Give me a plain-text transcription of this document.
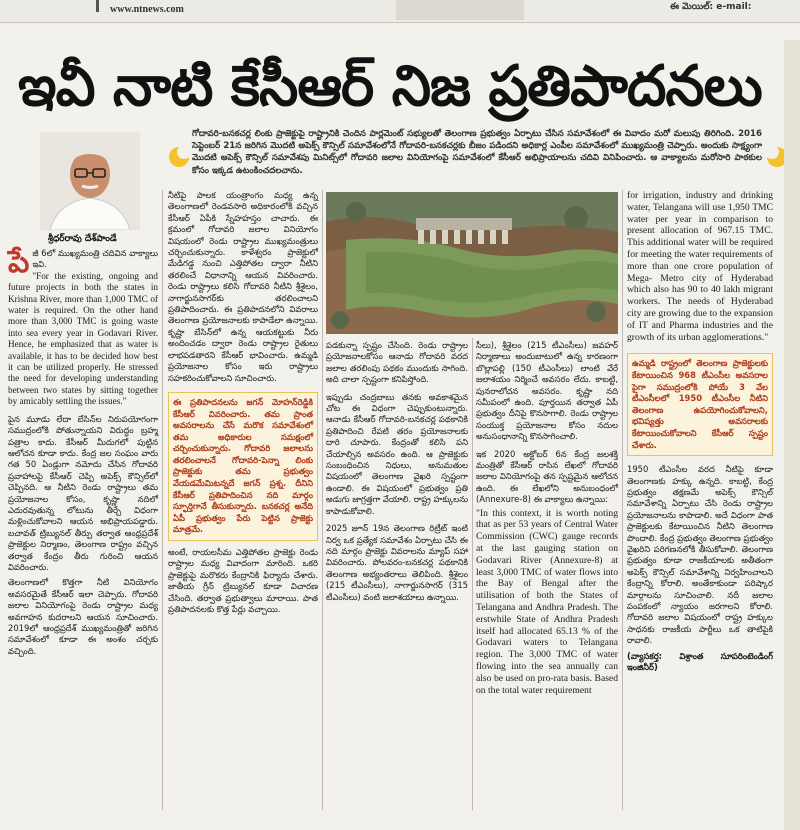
www.ntnews.com	ఈ మెయిల్: e-mail:
ఇవీ నాటి కేసీఆర్ నిజ ప్రతిపాదనలు

గోదావరి-బనకచర్ల లింకు ప్రాజెక్టుపై రాష్ట్రానికి చెందిన పార్లమెంట్ సభ్యులతో తెలంగాణ ప్రభుత్వం ఏర్పాటు చేసిన సమావేశంలో ఈ వివాదం మరో మలుపు తిరిగింది. 2016 సెప్టెంబర్ 21న జరిగిన మొదటి అపెక్స్ కౌన్సిల్ సమావేశంలోనే గోదావరి-బనకచర్లకు బీజం పడిందని అధికార్ల ఎంపీల సమావేశంలో ముఖ్యమంత్రి చెప్పారు. అందుకు సాక్ష్యంగా మొదటి అపెక్స్ కౌన్సిల్ సమావేశపు మినిట్స్‌లో గోదావరి జలాల వినియోగంపై సమావేశంలో కేసీఆర్ అభిప్రాయాలను చదివి వినిపించారు. ఆ వాక్యాలను మరోసారి పాఠకుల కోసం ఇక్కడ ఉటంకించదలచాను.

శ్రీధర్‌రావు దేశ్‌పాండే

పేజీ 6లో ముఖ్యమంత్రి చదివిన వాక్యాలు ఇవి.

"For the existing, ongoing and future projects in both the states in Krishna River, more than 1,000 TMC of water is required. On the other hand more than 3,000 TMC is going waste into sea every year in Godavari River. Hence, he emphasized that as water is available, it has to be decided how best it can be utilized properly. He stressed the need for developing understanding between two states by sitting together by amicably settling the issues."

పైన మూడు లేదా బేసిన్‌ల నిరుపయోగంగా సముద్రంలోకి పోతున్నాయని విరుద్ధం బ్రహ్మ పత్రాల కాదు. కేసీఆర్ మీదుగలో పుట్టిన ఆలోచన కూడా కాదు. కేంద్ర జల సంఘం వారు గత 50 ఏండ్లుగా నమోదు చేసిన గోదావరి ప్రవాహాలపై కేసీఆర్ చెప్పి అపెక్స్ కౌన్సిల్‌లో చెప్పినది. ఆ నీటిని రెండు రాష్ట్రాలు తమ ప్రయోజనాల కోసం, కృష్ణా నదిలో ఎదురవుతున్న లోటును తీర్చే విధంగా మళ్లించుకోవాలని ఆయన అభిప్రాయపడ్డారు. బచావత్ ట్రిబ్యునల్ తీర్పు తర్వాత ఆంధ్రప్రదేశ్ ప్రాజెక్టుల నిర్మాణం, తెలంగాణ రాష్ట్రం వచ్చిన తర్వాత కేంద్రం తీరు గురించి ఆయన వివరించారు.

తెలంగాణలో కొత్తగా నీటి వినియోగం అవసరమైతే కేసీఆర్ ఇలా చెప్పారు. గోదావరి జలాల వినియోగంపై రెండు రాష్ట్రాల మధ్య అవగాహన కుదరాలని ఆయన సూచించారు. 2019లో ఆంధ్రప్రదేశ్ ముఖ్యమంత్రితో జరిగిన సమావేశంలో కూడా ఈ అంశం చర్చకు వచ్చింది.

నీటిపై పాలక యంత్రాంగం మధ్య ఉన్న తెలంగాణలో రెండవసారి అధికారంలోకి వచ్చిన కేసీఆర్ ఏపీకి స్నేహహస్తం చాచారు. ఈ క్రమంలో గోదావరి జలాల వినియోగం విషయంలో రెండు రాష్ట్రాల ముఖ్యమంత్రులు చర్చించుకున్నారు. కాళేశ్వరం ప్రాజెక్టులో మేడిగడ్డ నుంచి ఎత్తిపోతల ద్వారా నీటిని తరలించే విధానాన్ని ఆయన వివరించారు. రెండు రాష్ట్రాలు కలిసి గోదావరి నీటిని శ్రీశైలం, నాగార్జునసాగర్‌కు తరలించాలని ప్రతిపాదించారు. ఈ ప్రతిపాదనలోని వివరాలు తెలంగాణ ప్రయోజనాలకు కాపాడేలా ఉన్నాయి. కృష్ణా బేసిన్‌లో ఉన్న ఆయకట్టుకు నీరు అందించడం ద్వారా రెండు రాష్ట్రాల రైతులు లాభపడతారని కేసీఆర్ భావించారు. ఉమ్మడి ప్రయోజనాల కోసం ఇరు రాష్ట్రాలు సహకరించుకోవాలని సూచించారు.

ఈ ప్రతిపాదనలను జగన్ మోహన్‌రెడ్డికి కేసీఆర్ వివరించారు. తమ ప్రాంత అవసరాలను చేసే మరొక సమావేశంలో తమ అధికారుల సమక్షంలో చర్చించుకున్నారు. గోదావరి జలాలను తరలించాలనే గోదావరి-పెన్నా లింకు ప్రాజెక్టుకు తమ ప్రభుత్వం వేయడమేమిటన్నదే జగన్ ప్రశ్న. దీనిని కేసీఆర్ ప్రతిపాదించిన నది మార్గం స్ఫూర్తిగానే తీసుకున్నారు. బనకచర్ల అనేది ఏపీ ప్రభుత్వం పేరు పెట్టిన ప్రాజెక్టు మాత్రమే.

అంటే, రాయలసీమ ఎత్తిపోతల ప్రాజెక్టు రెండు రాష్ట్రాల మధ్య వివాదంగా మారింది. ఒకరి ప్రాజెక్టుపై మరొకరు కేంద్రానికి ఫిర్యాదు చేశారు. జాతీయ గ్రీన్ ట్రిబ్యునల్ కూడా విచారణ చేసింది. తర్వాత ప్రభుత్వాలు మారాయి. పాత ప్రతిపాదనలకు కొత్త పేర్లు వచ్చాయి.

పడకున్నా స్పష్టం చేసింది. రెండు రాష్ట్రాల ప్రయోజనాలకోసం ఆనాడు గోదావరి వరద జలాల తరలింపు పథకం ముందుకు సాగింది. అది చాలా స్పష్టంగా కనిపిస్తోంది.

ఇప్పుడు చంద్రబాబు తనకు అవకాశమైన చోట ఈ విధంగా చెప్పుకుంటున్నారు. ఆనాడు కేసీఆర్ గోదావరి-బనకచర్ల పథకానికి ప్రతిపాదించి రేపటి తరం ప్రయోజనాలకు దారి చూపారు. కేంద్రంతో కలిసి పని చేయాల్సిన అవసరం ఉంది. ఆ ప్రాజెక్టుకు సంబంధించిన నిధులు, అనుమతుల విషయంలో తెలంగాణ వైఖరి స్పష్టంగా ఉండాలి. ఈ విషయంలో ప్రభుత్వం ప్రతి అడుగు జాగ్రత్తగా వేయాలి. రాష్ట్ర హక్కులను కాపాడుకోవాలి.

2025 జూన్ 19న తెలంగాణ రిట్రీట్ ఇంటి నిర్వ ఒక ప్రత్యేక సమావేశం ఏర్పాటు చేసి ఈ నది మార్గం ప్రాజెక్టు వివరాలను మ్యాప్ సహా వివరించారు. పోలవరం-బనకచర్ల పథకానికి తెలంగాణ అభ్యంతరాలు తెలిపింది. శ్రీశైలం (215 టీఎంసీలు), నాగార్జునసాగర్ (315 టీఎంసీలు) వంటి జలాశయాలు ఉన్నాయి.

సీలు), శ్రీశైలం (215 టీఎంసీలు) జవహర్ నిర్మాణాలు అందుబాటులో ఉన్న కారణంగా బొల్లాపల్లి (150 టీఎంసీలు) లాంటి వేరే జలాశయం నిర్మించే అవసరం లేదు. కాబట్టి, పునరాలోచన అవసరం. కృష్ణా నది సమీపంలో ఉంది. పూర్తయిన తర్వాత ఏపీ ప్రభుత్వం దీనిపై కొనసాగాలి. రెండు రాష్ట్రాల సంయుక్త ప్రయోజనాల కోసం నదుల అనుసంధానాన్ని కొనసాగించాలి.

ఇక 2020 అక్టోబర్ 6న కేంద్ర జలశక్తి మంత్రితో కేసీఆర్ రాసిన లేఖలో గోదావరి జలాల వినియోగంపై తన స్పష్టమైన ఆలోచన ఉంది. ఈ లేఖలోని అనుబంధంలో (Annexure-8) ఈ వాక్యాలు ఉన్నాయి:

"In this context, it is worth noting that as per 53 years of Central Water Commission (CWC) gauge records at the last gauging station on Godavari River (Annexure-8) at least 3,000 TMC of water flows into the Bay of Bengal after the utilisation of both the States of Telangana and Andhra Pradesh. The erstwhile State of Andhra Pradesh itself had allocated 65.13 % of the Godavari waters to Telangana region. The 3,000 TMC of water flowing into the sea annually can also be used on pro-rata basis. Based on the total water requirement

for irrigation, industry and drinking water, Telangana will use 1,950 TMC water per year in comparison to present allocation of 967.15 TMC. This additional water will be required for meeting the water requirements of more than one crore population of Mega- Metro city of Hyderabad which also has 90 to 40 lakh migrant workers. The needs of Hyderabad city are growing due to the expansion of IT and Pharma industries and the growth of its urban agglomerations."

ఉమ్మడి రాష్ట్రంలో తెలంగాణ ప్రాజెక్టులకు కేటాయించిన 968 టీఎంసీల అవసరాల పైగా సముద్రంలోకి పోయే 3 వేల టీఎంసీలలో 1950 టీఎంసీల నీటిని తెలంగాణ ఉపయోగించుకోవాలని, భవిష్యత్తు అవసరాలకు కేటాయించుకోవాలని కేసీఆర్ స్పష్టం చేశారు.

1950 టీఎంసీల వరద నీటిపై కూడా తెలంగాణకు హక్కు ఉన్నది. కాబట్టి, కేంద్ర ప్రభుత్వం తక్షణమే అపెక్స్ కౌన్సిల్ సమావేశాన్ని ఏర్పాటు చేసి రెండు రాష్ట్రాల ప్రయోజనాలను కాపాడాలి. అదే విధంగా పాత ప్రాజెక్టులకు కేటాయించిన నీటిని తెలంగాణ పొందాలి. కేంద్ర ప్రభుత్వం తెలంగాణ ప్రభుత్వం వైఖరిని పరిగణనలోకి తీసుకోవాలి. తెలంగాణ ప్రభుత్వం కూడా రాజకీయాలకు అతీతంగా అపెక్స్ కౌన్సిల్ సమావేశాన్ని నిర్వహించాలని కేంద్రాన్ని కోరాలి. అంతేకాకుండా పరిష్కార మార్గాలను సూచించాలి. నదీ జలాల పంపకంలో న్యాయం జరగాలని కోరాలి. గోదావరి జలాల విషయంలో రాష్ట్ర హక్కుల సాధనకు రాజకీయ పార్టీలు ఒక తాటిపైకి రావాలి.

(వ్యాసకర్త: విశ్రాంత సూపరింటెండింగ్ ఇంజినీర్)
